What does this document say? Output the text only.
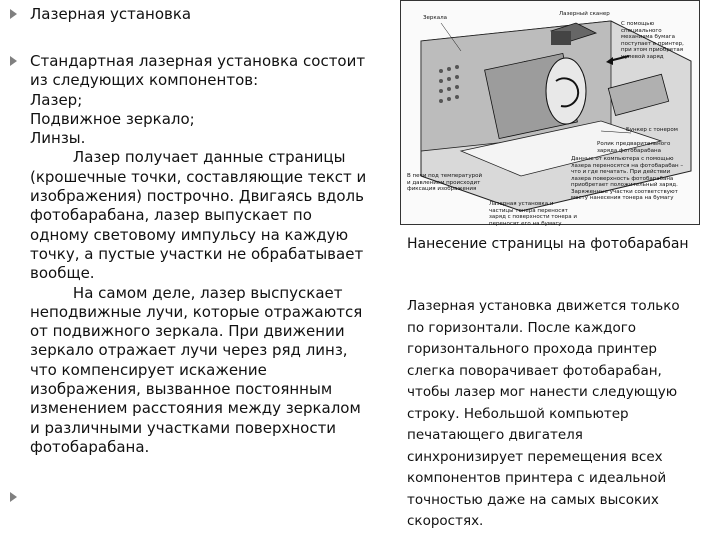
Лазерная установка
Стандартная лазерная установка состоит
из следующих компонентов:
Лазер;
Подвижное зеркало;
Линзы.
Лазер получает данные страницы
(крошечные точки, составляющие текст и
изображения) построчно. Двигаясь вдоль
фотобарабана, лазер выпускает по
одному световому импульсу на каждую
точку, а пустые участки не обрабатывает
вообще.
На самом деле, лазер выспускает
неподвижные лучи, которые отражаются
от подвижного зеркала. При движении
зеркало отражает лучи через ряд линз,
что компенсирует искажение
изображения, вызванное постоянным
изменением расстояния между зеркалом
и различными участками поверхности
фотобарабана.
Зеркала
Лазерный сканер
С помощью специального механизма бумага поступает в принтер, при этом приобретая нулевой заряд
Бункер с тонером
Ролик предварительного заряда фотобарабана
Данные от компьютера с помощью лазера переносятся на фотобарабан – что и где печатать. При действии лазера поверхность фотобарабана приобретает положительный заряд. Заряженные участки соответствуют месту нанесения тонера на бумагу
В печи под температурой и давлением происходит фиксация изображения
Лазерная установка и частицы тонера переносят заряд с поверхности тонера и переносят его на бумагу
Нанесение страницы на фотобарабан
Лазерная установка движется только
по горизонтали. После каждого
горизонтального прохода принтер
слегка поворачивает фотобарабан,
чтобы лазер мог нанести следующую
строку. Небольшой компьютер
печатающего двигателя
синхронизирует перемещения всех
компонентов принтера с идеальной
точностью даже на самых высоких
скоростях.
